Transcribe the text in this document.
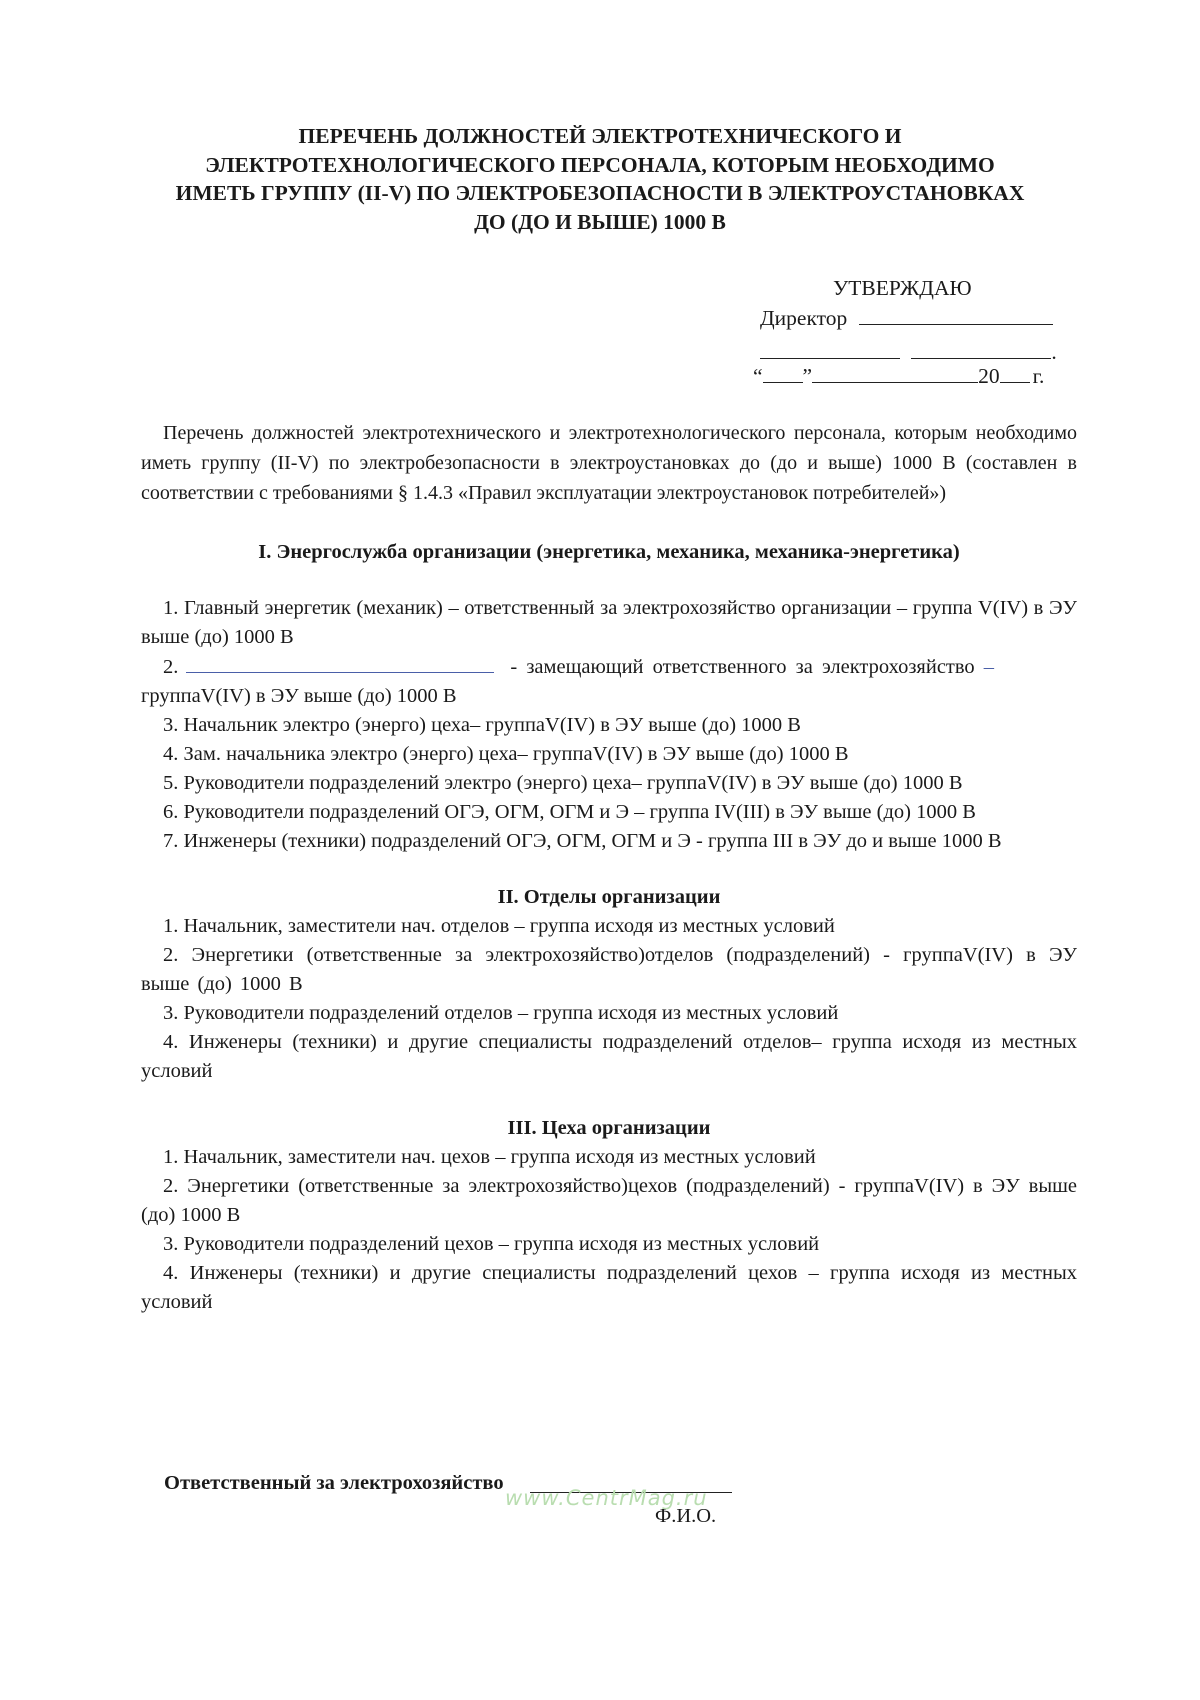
ПЕРЕЧЕНЬ ДОЛЖНОСТЕЙ ЭЛЕКТРОТЕХНИЧЕСКОГО И
ЭЛЕКТРОТЕХНОЛОГИЧЕСКОГО ПЕРСОНАЛА, КОТОРЫМ НЕОБХОДИМО
ИМЕТЬ ГРУППУ (II-V) ПО ЭЛЕКТРОБЕЗОПАСНОСТИ В ЭЛЕКТРОУСТАНОВКАХ
ДО (ДО И ВЫШЕ) 1000 В
УТВЕРЖДАЮ
Директор
.
“ ”	20 г.
Перечень должностей электротехнического и электротехнологического персонала, которым необходимо иметь группу (II-V) по электробезопасности в электроустановках до (до и выше) 1000 В (составлен в соответствии с требованиями § 1.4.3 «Правил эксплуатации электроустановок потребителей»)
I. Энергослужба организации (энергетика, механика, механика-энергетика)
1. Главный энергетик (механик) – ответственный за электрохозяйство организации – группа V(IV) в ЭУ выше (до) 1000 В
2.	- замещающий ответственного за электрохозяйство –
группаV(IV) в ЭУ выше (до) 1000 В
3. Начальник электро (энерго) цеха– группаV(IV) в ЭУ выше (до) 1000 В
4. Зам. начальника электро (энерго) цеха– группаV(IV) в ЭУ выше (до) 1000 В
5. Руководители подразделений электро (энерго) цеха– группаV(IV) в ЭУ выше (до) 1000 В
6. Руководители подразделений ОГЭ, ОГМ, ОГМ и Э – группа IV(III) в ЭУ выше (до) 1000 В
7. Инженеры (техники) подразделений ОГЭ, ОГМ, ОГМ и Э - группа III в ЭУ до и выше 1000 В
II. Отделы организации
1. Начальник, заместители нач. отделов – группа исходя из местных условий
2. Энергетики (ответственные за электрохозяйство)отделов (подразделений) - группаV(IV) в ЭУ выше (до) 1000 В
3. Руководители подразделений отделов – группа исходя из местных условий
4. Инженеры (техники) и другие специалисты подразделений отделов– группа исходя из местных условий
III. Цеха организации
1. Начальник, заместители нач. цехов – группа исходя из местных условий
2. Энергетики (ответственные за электрохозяйство)цехов (подразделений) - группаV(IV) в ЭУ выше (до) 1000 В
3. Руководители подразделений цехов – группа исходя из местных условий
4. Инженеры (техники) и другие специалисты подразделений цехов – группа исходя из местных условий
Ответственный за электрохозяйство
www.CentrMag.ru
Ф.И.О.
